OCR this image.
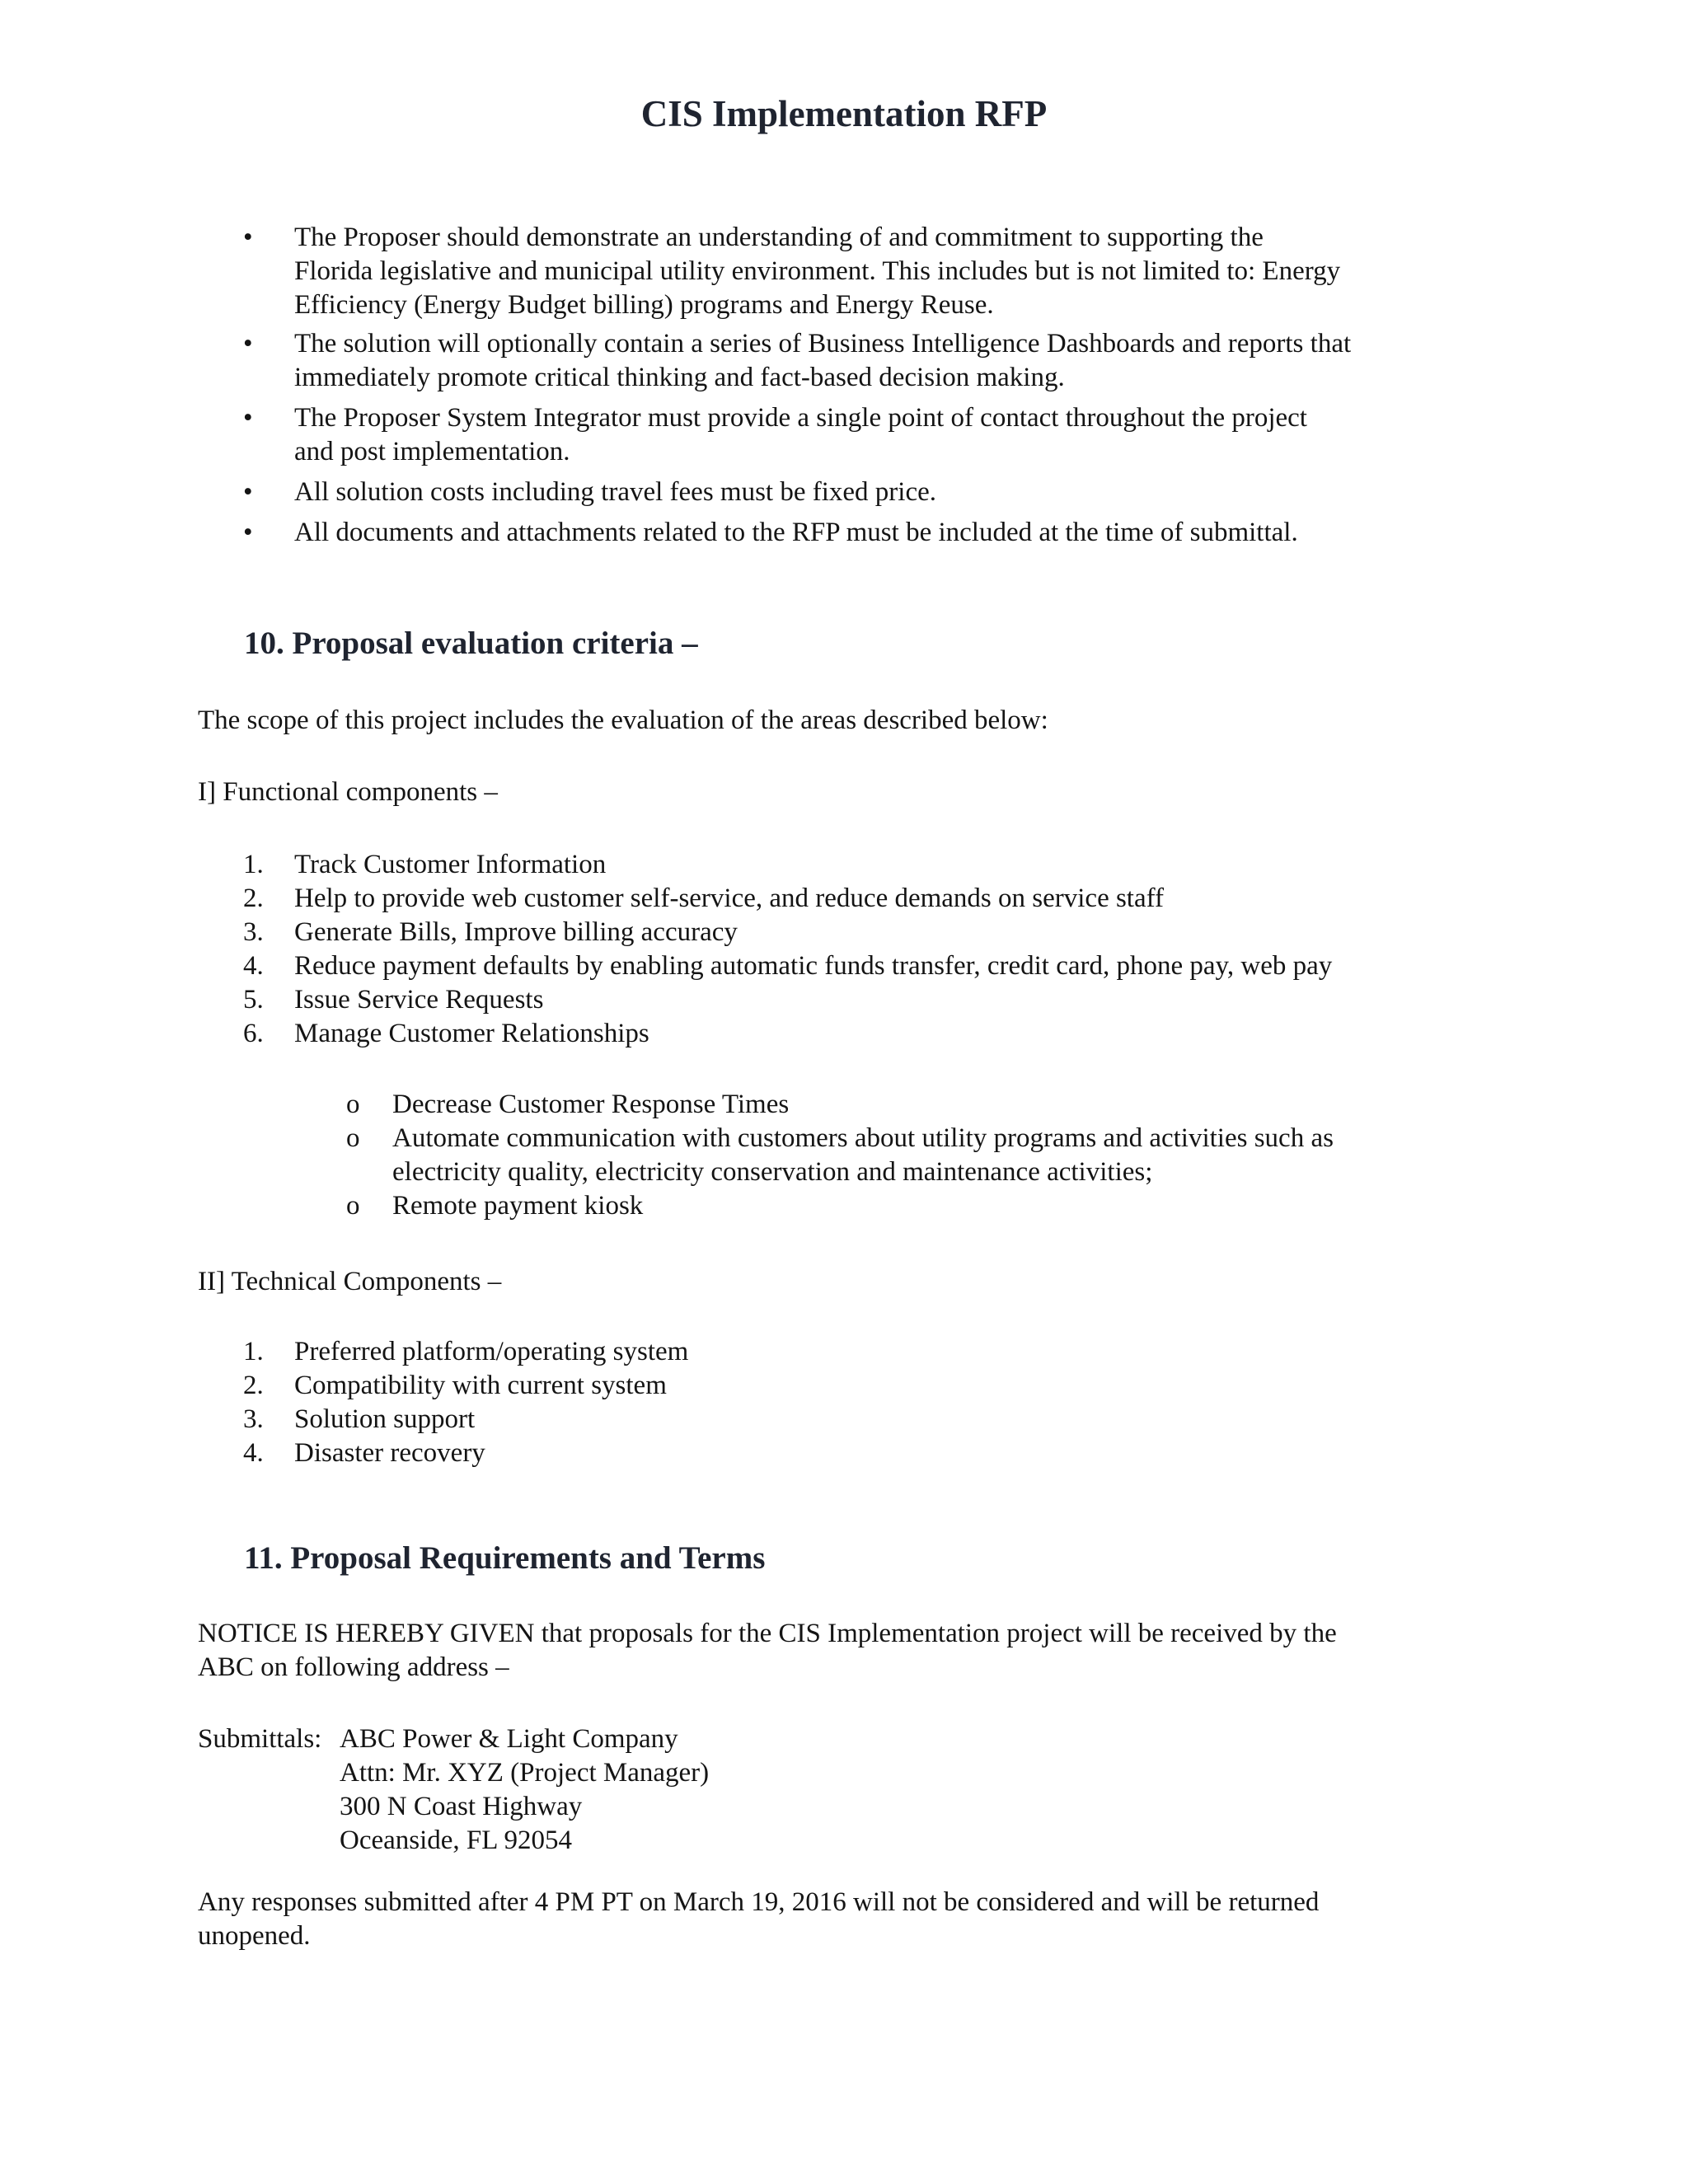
CIS Implementation RFP
• The Proposer should demonstrate an understanding of and commitment to supporting the
Florida legislative and municipal utility environment. This includes but is not limited to: Energy
Efficiency (Energy Budget billing) programs and Energy Reuse.
• The solution will optionally contain a series of Business Intelligence Dashboards and reports that
immediately promote critical thinking and fact-based decision making.
• The Proposer System Integrator must provide a single point of contact throughout the project
and post implementation.
• All solution costs including travel fees must be fixed price.
• All documents and attachments related to the RFP must be included at the time of submittal.
10. Proposal evaluation criteria –
The scope of this project includes the evaluation of the areas described below:
I] Functional components –
1. Track Customer Information
2. Help to provide web customer self-service, and reduce demands on service staff
3. Generate Bills, Improve billing accuracy
4. Reduce payment defaults by enabling automatic funds transfer, credit card, phone pay, web pay
5. Issue Service Requests
6. Manage Customer Relationships
o Decrease Customer Response Times
o Automate communication with customers about utility programs and activities such as
electricity quality, electricity conservation and maintenance activities;
o Remote payment kiosk
II] Technical Components –
1. Preferred platform/operating system
2. Compatibility with current system
3. Solution support
4. Disaster recovery
11. Proposal Requirements and Terms
NOTICE IS HEREBY GIVEN that proposals for the CIS Implementation project will be received by the
ABC on following address –
Submittals: ABC Power & Light Company
Attn: Mr. XYZ (Project Manager)
300 N Coast Highway
Oceanside, FL 92054
Any responses submitted after 4 PM PT on March 19, 2016 will not be considered and will be returned
unopened.
